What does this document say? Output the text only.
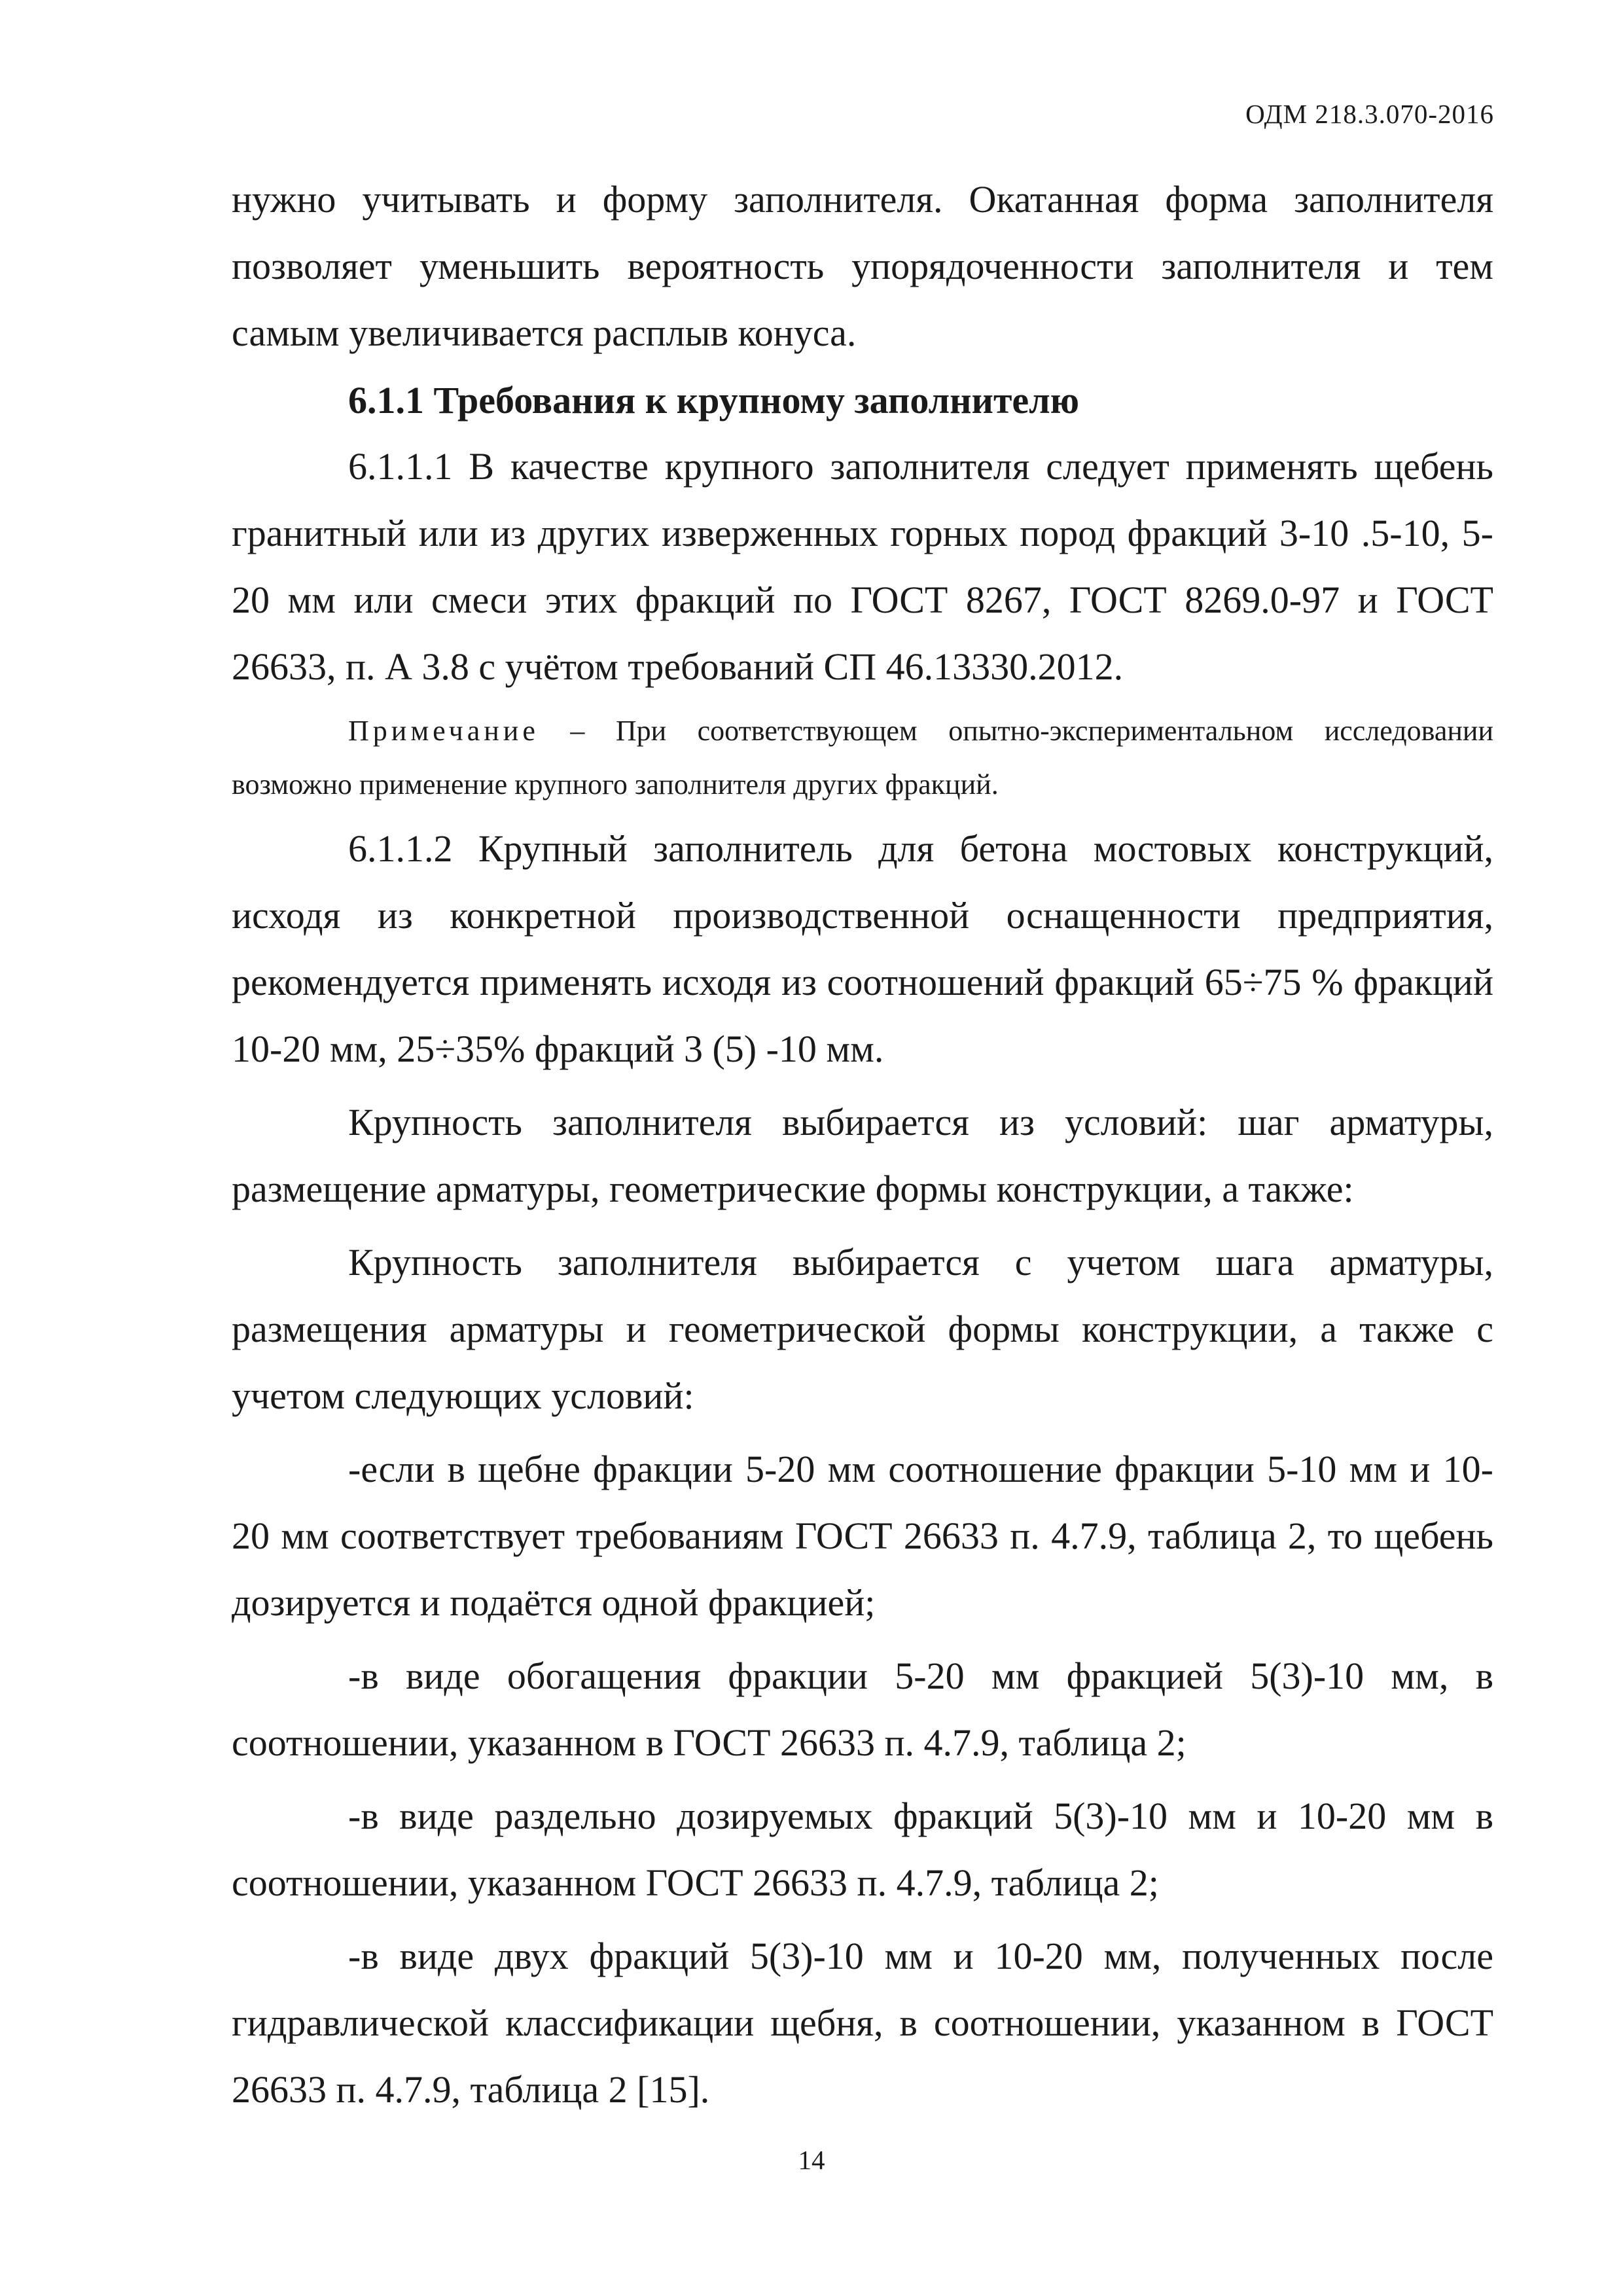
ОДМ 218.3.070-2016

нужно учитывать и форму заполнителя. Окатанная форма заполнителя позволяет уменьшить вероятность упорядоченности заполнителя и тем самым увеличивается расплыв конуса.

6.1.1 Требования к крупному заполнителю

6.1.1.1 В качестве крупного заполнителя следует применять щебень гранитный или из других изверженных горных пород фракций 3-10 .5-10, 5-20 мм или смеси этих фракций по ГОСТ 8267, ГОСТ 8269.0-97 и ГОСТ 26633, п. А 3.8 с учётом требований СП 46.13330.2012.

Примечание – При соответствующем опытно-экспериментальном исследовании возможно применение крупного заполнителя других фракций.

6.1.1.2 Крупный заполнитель для бетона мостовых конструкций, исходя из конкретной производственной оснащенности предприятия, рекомендуется применять исходя из соотношений фракций 65÷75 % фракций 10-20 мм, 25÷35% фракций 3 (5) -10 мм.

Крупность заполнителя выбирается из условий: шаг арматуры, размещение арматуры, геометрические формы конструкции, а также:

Крупность заполнителя выбирается с учетом шага арматуры, размещения арматуры и геометрической формы конструкции, а также с учетом следующих условий:

-если в щебне фракции 5-20 мм соотношение фракции 5-10 мм и 10-20 мм соответствует требованиям ГОСТ 26633 п. 4.7.9, таблица 2, то щебень дозируется и подаётся одной фракцией;

-в виде обогащения фракции 5-20 мм фракцией 5(3)-10 мм, в соотношении, указанном в ГОСТ 26633 п. 4.7.9, таблица 2;

-в виде раздельно дозируемых фракций 5(3)-10 мм и 10-20 мм в соотношении, указанном ГОСТ 26633 п. 4.7.9, таблица 2;

-в виде двух фракций 5(3)-10 мм и 10-20 мм, полученных после гидравлической классификации щебня, в соотношении, указанном в ГОСТ 26633 п. 4.7.9, таблица 2 [15].

14
